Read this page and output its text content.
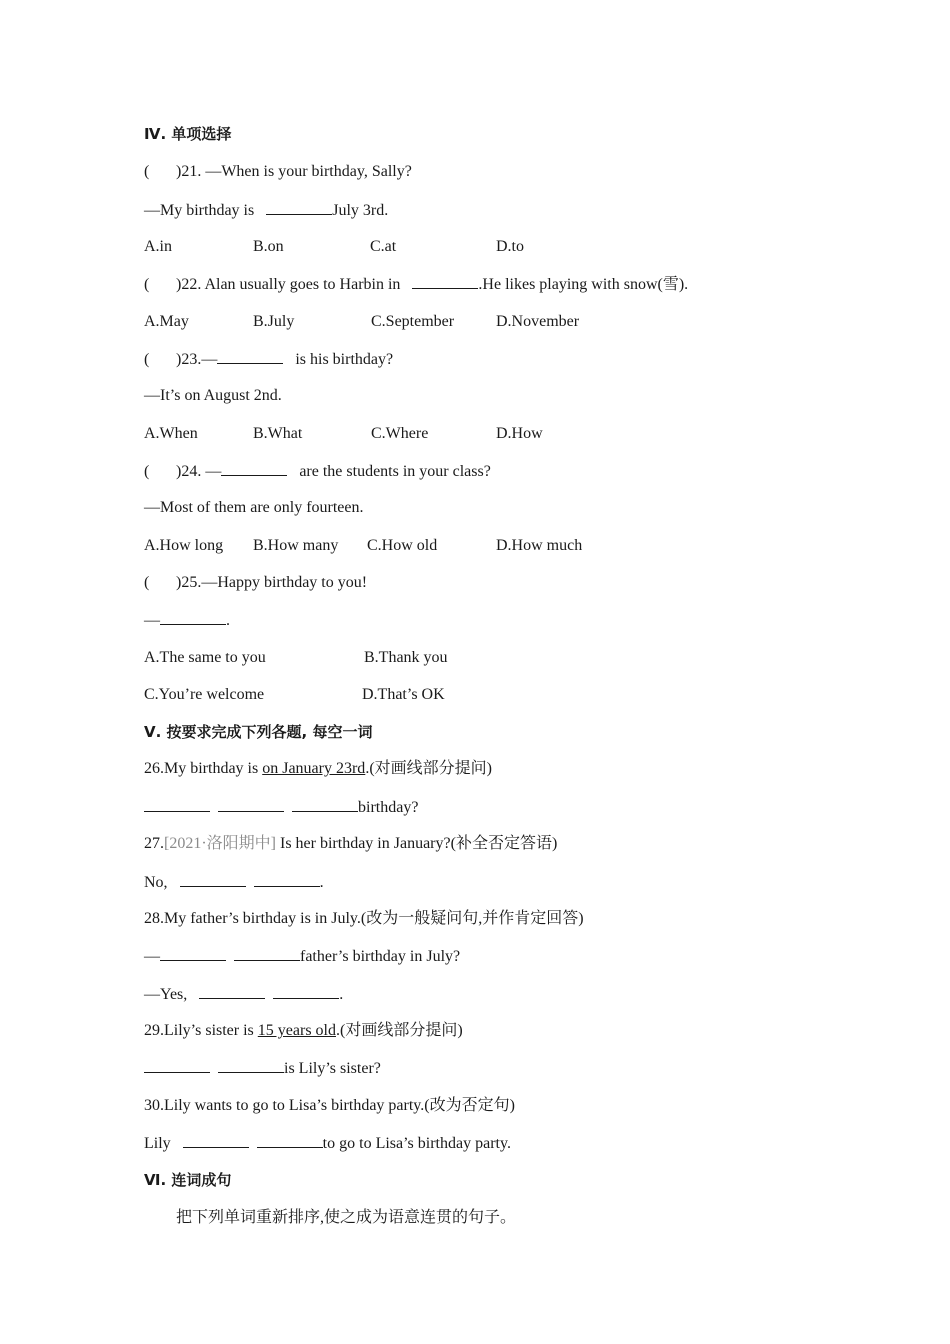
Ⅳ. 单项选择
( )21. —When is your birthday, Sally?
—My birthday is	July 3rd.
A.in	B.on	C.at	D.to
( )22. Alan usually goes to Harbin in	.He likes playing with snow(雪).
A.May	B.July	C.September	D.November
( )23.—	is his birthday?
—It’s on August 2nd.
A.When	B.What	C.Where	D.How
( )24. —	are the students in your class?
—Most of them are only fourteen.
A.How long B.How many C.How old	D.How much
( )25.—Happy birthday to you!
—	.
A.The same to you	B.Thank you
C.You’re welcome	D.That’s OK
Ⅴ. 按要求完成下列各题, 每空一词
26.My birthday is on January 23rd.(对画线部分提问)
birthday?
27.[2021·洛阳期中] Is her birthday in January?(补全否定答语)
No,	.
28.My father’s birthday is in July.(改为一般疑问句,并作肯定回答)
—	father’s birthday in July?
—Yes,	.
29.Lily’s sister is 15 years old.(对画线部分提问)
is Lily’s sister?
30.Lily wants to go to Lisa’s birthday party.(改为否定句)
Lily	to go to Lisa’s birthday party.
Ⅵ. 连词成句
把下列单词重新排序,使之成为语意连贯的句子。
